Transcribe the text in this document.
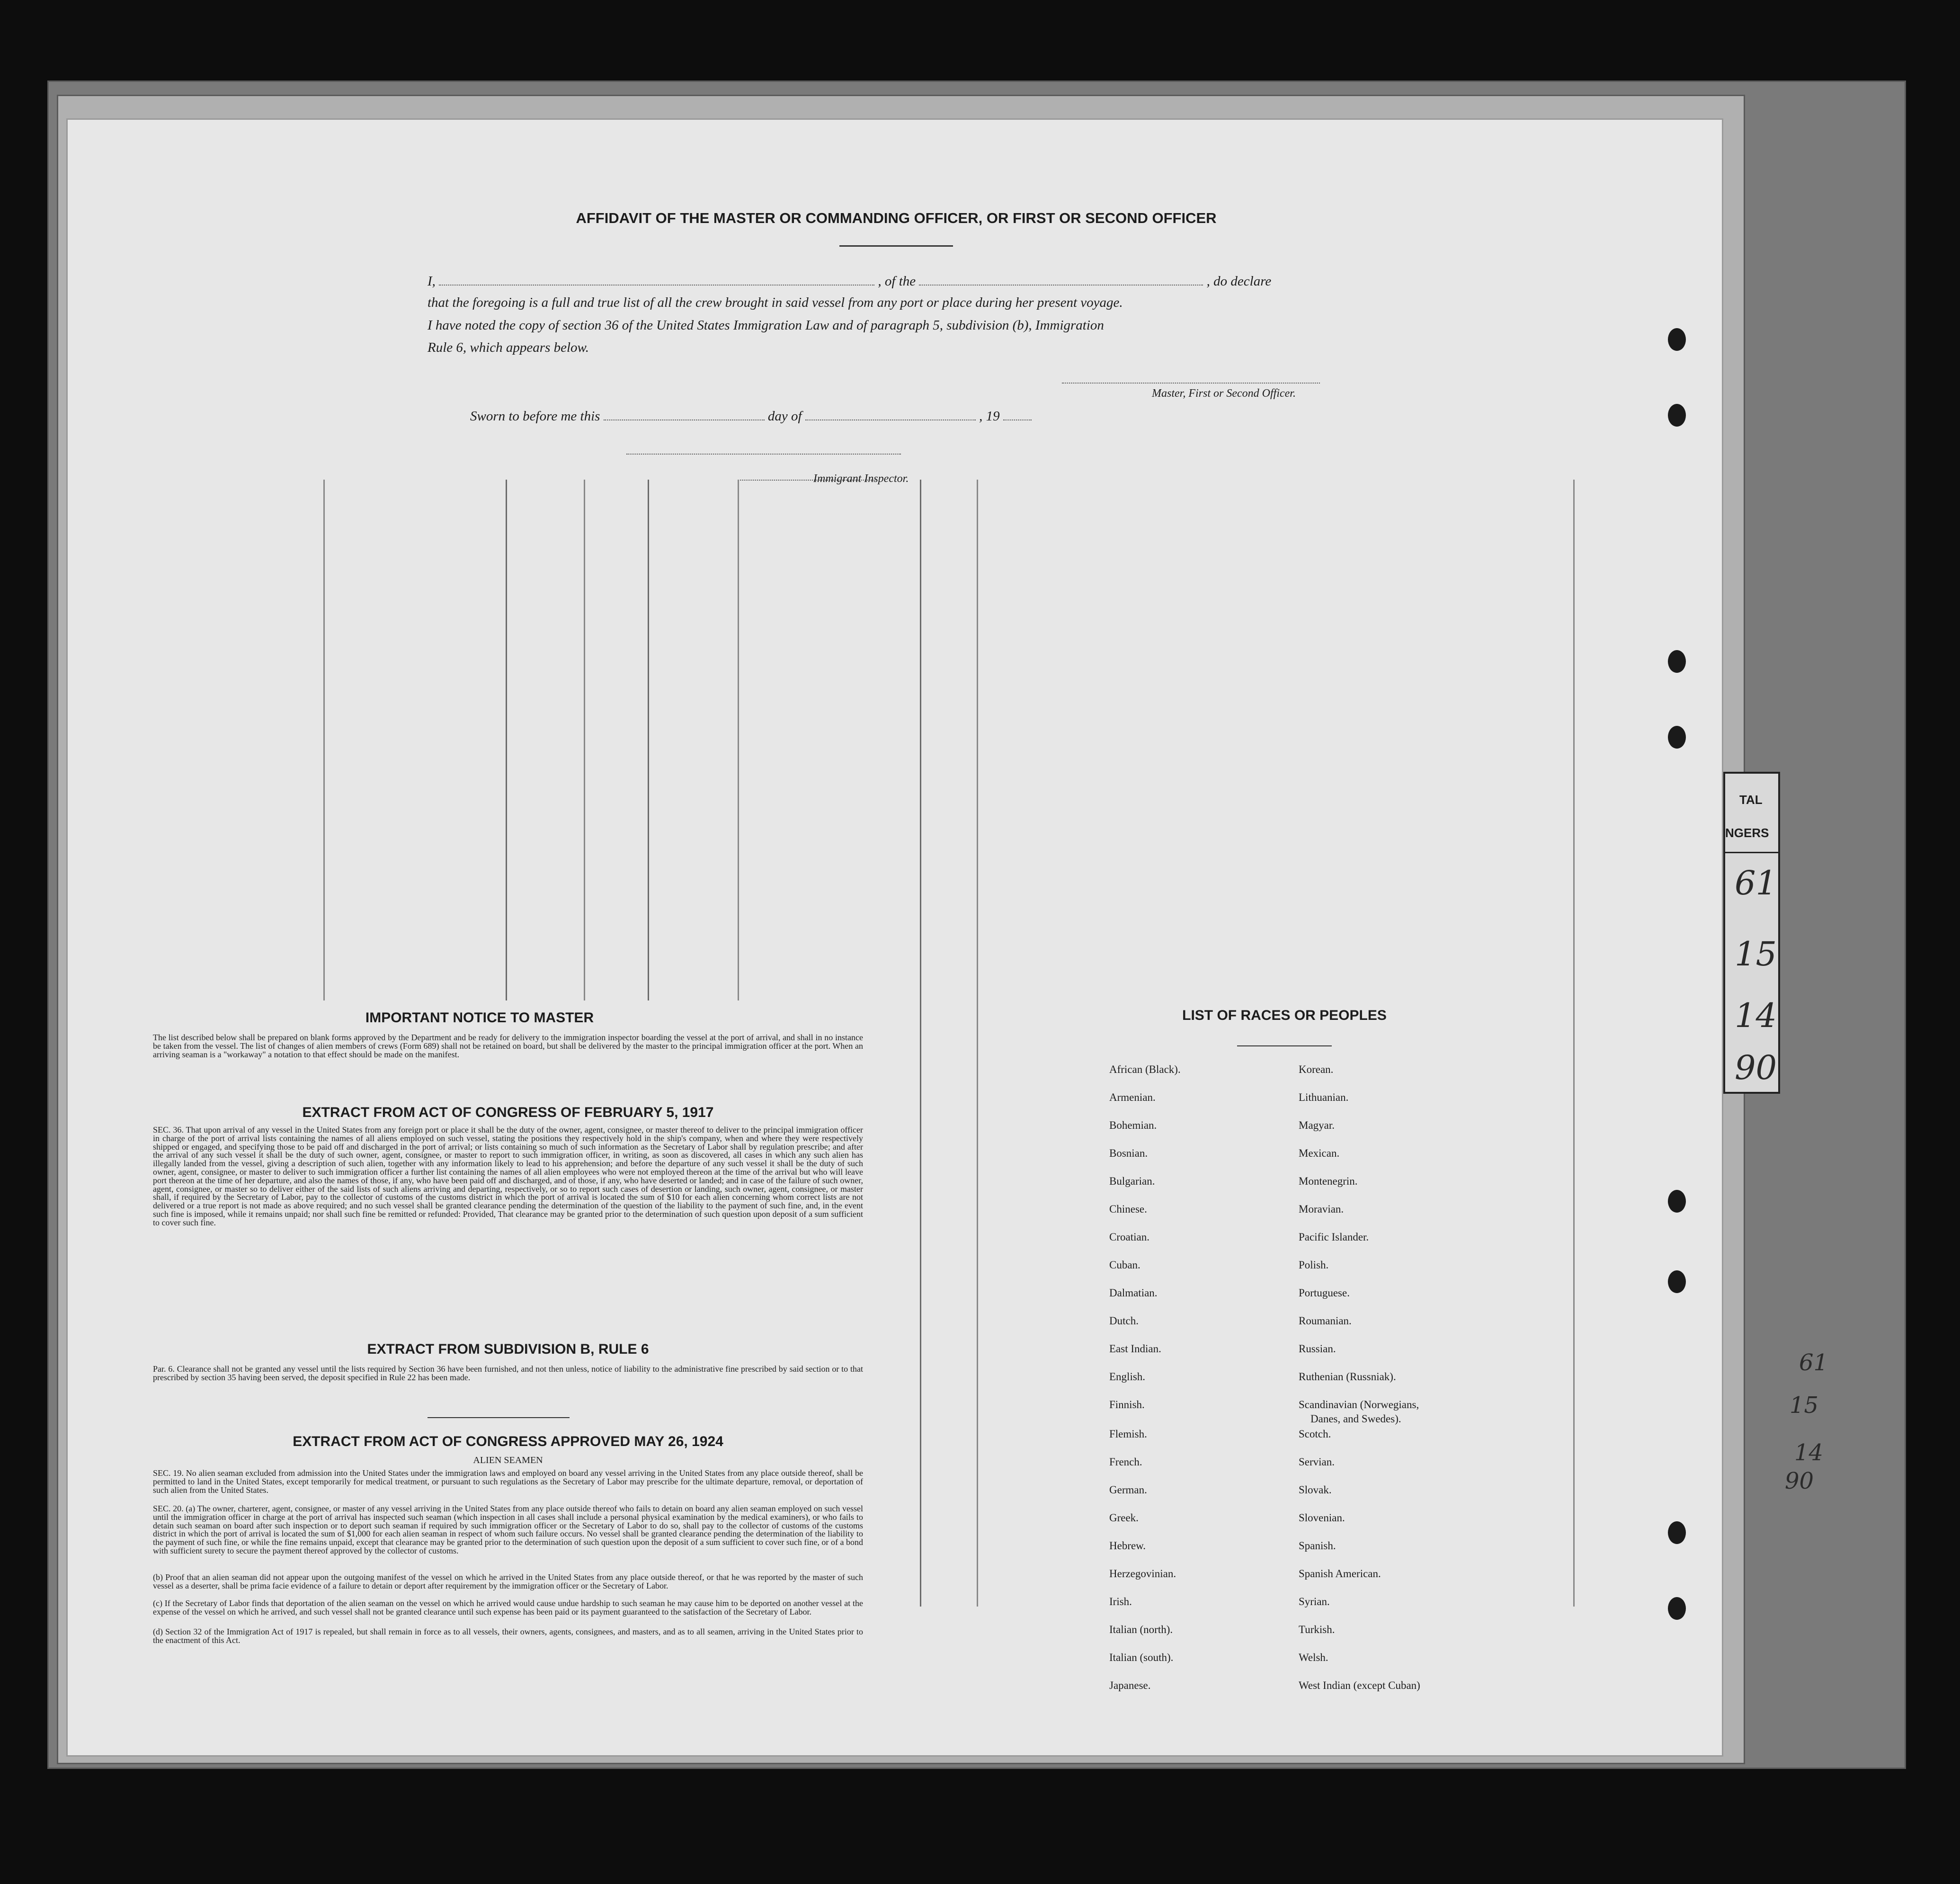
TAL
NGERS
61
15
14
90
61
15
14
90
AFFIDAVIT OF THE MASTER OR COMMANDING OFFICER, OR FIRST OR SECOND OFFICER
I,	, of the	, do declare
that the foregoing is a full and true list of all the crew brought in said vessel from any port or place during her present voyage.
I have noted the copy of section 36 of the United States Immigration Law and of paragraph 5, subdivision (b), Immigration
Rule 6, which appears below.
Master, First or Second Officer.
Sworn to before me this	day of	, 19
Immigrant Inspector.
IMPORTANT NOTICE TO MASTER
The list described below shall be prepared on blank forms approved by the Department and be ready for delivery to the immigration inspector boarding the vessel at the port of arrival, and shall in no instance be taken from the vessel. The list of changes of alien members of crews (Form 689) shall not be retained on board, but shall be delivered by the master to the principal immigration officer at the port. When an arriving seaman is a "workaway" a notation to that effect should be made on the manifest.
EXTRACT FROM ACT OF CONGRESS OF FEBRUARY 5, 1917
SEC. 36. That upon arrival of any vessel in the United States from any foreign port or place it shall be the duty of the owner, agent, consignee, or master thereof to deliver to the principal immigration officer in charge of the port of arrival lists containing the names of all aliens employed on such vessel, stating the positions they respectively hold in the ship's company, when and where they were respectively shipped or engaged, and specifying those to be paid off and discharged in the port of arrival; or lists containing so much of such information as the Secretary of Labor shall by regulation prescribe; and after the arrival of any such vessel it shall be the duty of such owner, agent, consignee, or master to report to such immigration officer, in writing, as soon as discovered, all cases in which any such alien has illegally landed from the vessel, giving a description of such alien, together with any information likely to lead to his apprehension; and before the departure of any such vessel it shall be the duty of such owner, agent, consignee, or master to deliver to such immigration officer a further list containing the names of all alien employees who were not employed thereon at the time of the arrival but who will leave port thereon at the time of her departure, and also the names of those, if any, who have been paid off and discharged, and of those, if any, who have deserted or landed; and in case of the failure of such owner, agent, consignee, or master so to deliver either of the said lists of such aliens arriving and departing, respectively, or so to report such cases of desertion or landing, such owner, agent, consignee, or master shall, if required by the Secretary of Labor, pay to the collector of customs of the customs district in which the port of arrival is located the sum of $10 for each alien concerning whom correct lists are not delivered or a true report is not made as above required; and no such vessel shall be granted clearance pending the determination of the question of the liability to the payment of such fine, and, in the event such fine is imposed, while it remains unpaid; nor shall such fine be remitted or refunded: Provided, That clearance may be granted prior to the determination of such question upon deposit of a sum sufficient to cover such fine.
EXTRACT FROM SUBDIVISION B, RULE 6
Par. 6. Clearance shall not be granted any vessel until the lists required by Section 36 have been furnished, and not then unless, notice of liability to the administrative fine prescribed by said section or to that prescribed by section 35 having been served, the deposit specified in Rule 22 has been made.
EXTRACT FROM ACT OF CONGRESS APPROVED MAY 26, 1924
ALIEN SEAMEN
SEC. 19. No alien seaman excluded from admission into the United States under the immigration laws and employed on board any vessel arriving in the United States from any place outside thereof, shall be permitted to land in the United States, except temporarily for medical treatment, or pursuant to such regulations as the Secretary of Labor may prescribe for the ultimate departure, removal, or deportation of such alien from the United States.
SEC. 20. (a) The owner, charterer, agent, consignee, or master of any vessel arriving in the United States from any place outside thereof who fails to detain on board any alien seaman employed on such vessel until the immigration officer in charge at the port of arrival has inspected such seaman (which inspection in all cases shall include a personal physical examination by the medical examiners), or who fails to detain such seaman on board after such inspection or to deport such seaman if required by such immigration officer or the Secretary of Labor to do so, shall pay to the collector of customs of the customs district in which the port of arrival is located the sum of $1,000 for each alien seaman in respect of whom such failure occurs. No vessel shall be granted clearance pending the determination of the liability to the payment of such fine, or while the fine remains unpaid, except that clearance may be granted prior to the determination of such question upon the deposit of a sum sufficient to cover such fine, or of a bond with sufficient surety to secure the payment thereof approved by the collector of customs.
(b) Proof that an alien seaman did not appear upon the outgoing manifest of the vessel on which he arrived in the United States from any place outside thereof, or that he was reported by the master of such vessel as a deserter, shall be prima facie evidence of a failure to detain or deport after requirement by the immigration officer or the Secretary of Labor.
(c) If the Secretary of Labor finds that deportation of the alien seaman on the vessel on which he arrived would cause undue hardship to such seaman he may cause him to be deported on another vessel at the expense of the vessel on which he arrived, and such vessel shall not be granted clearance until such expense has been paid or its payment guaranteed to the satisfaction of the Secretary of Labor.
(d) Section 32 of the Immigration Act of 1917 is repealed, but shall remain in force as to all vessels, their owners, agents, consignees, and masters, and as to all seamen, arriving in the United States prior to the enactment of this Act.
LIST OF RACES OR PEOPLES
African (Black).
Armenian.
Bohemian.
Bosnian.
Bulgarian.
Chinese.
Croatian.
Cuban.
Dalmatian.
Dutch.
East Indian.
English.
Finnish.
Flemish.
French.
German.
Greek.
Hebrew.
Herzegovinian.
Irish.
Italian (north).
Italian (south).
Japanese.
Korean.
Lithuanian.
Magyar.
Mexican.
Montenegrin.
Moravian.
Pacific Islander.
Polish.
Portuguese.
Roumanian.
Russian.
Ruthenian (Russniak).
Scandinavian (Norwegians,
Danes, and Swedes).
Scotch.
Servian.
Slovak.
Slovenian.
Spanish.
Spanish American.
Syrian.
Turkish.
Welsh.
West Indian (except Cuban)
